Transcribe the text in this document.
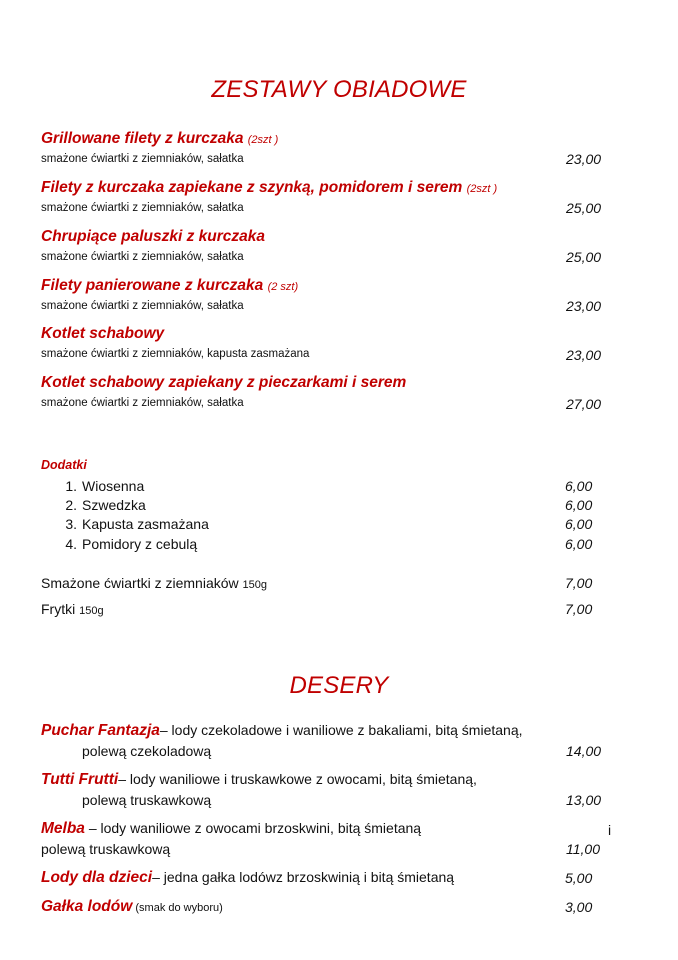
ZESTAWY OBIADOWE
Grillowane filety z kurczaka (2szt )
smażone ćwiartki z ziemniaków, sałatka	23,00
Filety z kurczaka zapiekane z szynką, pomidorem i serem (2szt )
smażone ćwiartki z ziemniaków, sałatka	25,00
Chrupiące paluszki z kurczaka
smażone ćwiartki z ziemniaków, sałatka	25,00
Filety panierowane z kurczaka (2 szt)
smażone ćwiartki z ziemniaków, sałatka	23,00
Kotlet schabowy
smażone ćwiartki z ziemniaków, kapusta zasmażana	23,00
Kotlet schabowy zapiekany z pieczarkami i serem
smażone ćwiartki z ziemniaków, sałatka	27,00
Dodatki
1. Wiosenna	6,00
2. Szwedzka	6,00
3. Kapusta zasmażana	6,00
4. Pomidory z cebulą	6,00
Smażone ćwiartki z ziemniaków 150g	7,00
Frytki 150g	7,00
DESERY
Puchar Fantazja– lody czekoladowe i waniliowe z bakaliami, bitą śmietaną,
polewą czekoladową	14,00
Tutti Frutti– lody waniliowe i truskawkowe z owocami, bitą śmietaną,
polewą truskawkową	13,00
Melba – lody waniliowe z owocami brzoskwini, bitą śmietaną	i
polewą truskawkową	11,00
Lody dla dzieci– jedna gałka lodówz brzoskwinią i bitą śmietaną	5,00
Gałka lodów (smak do wyboru)	3,00
